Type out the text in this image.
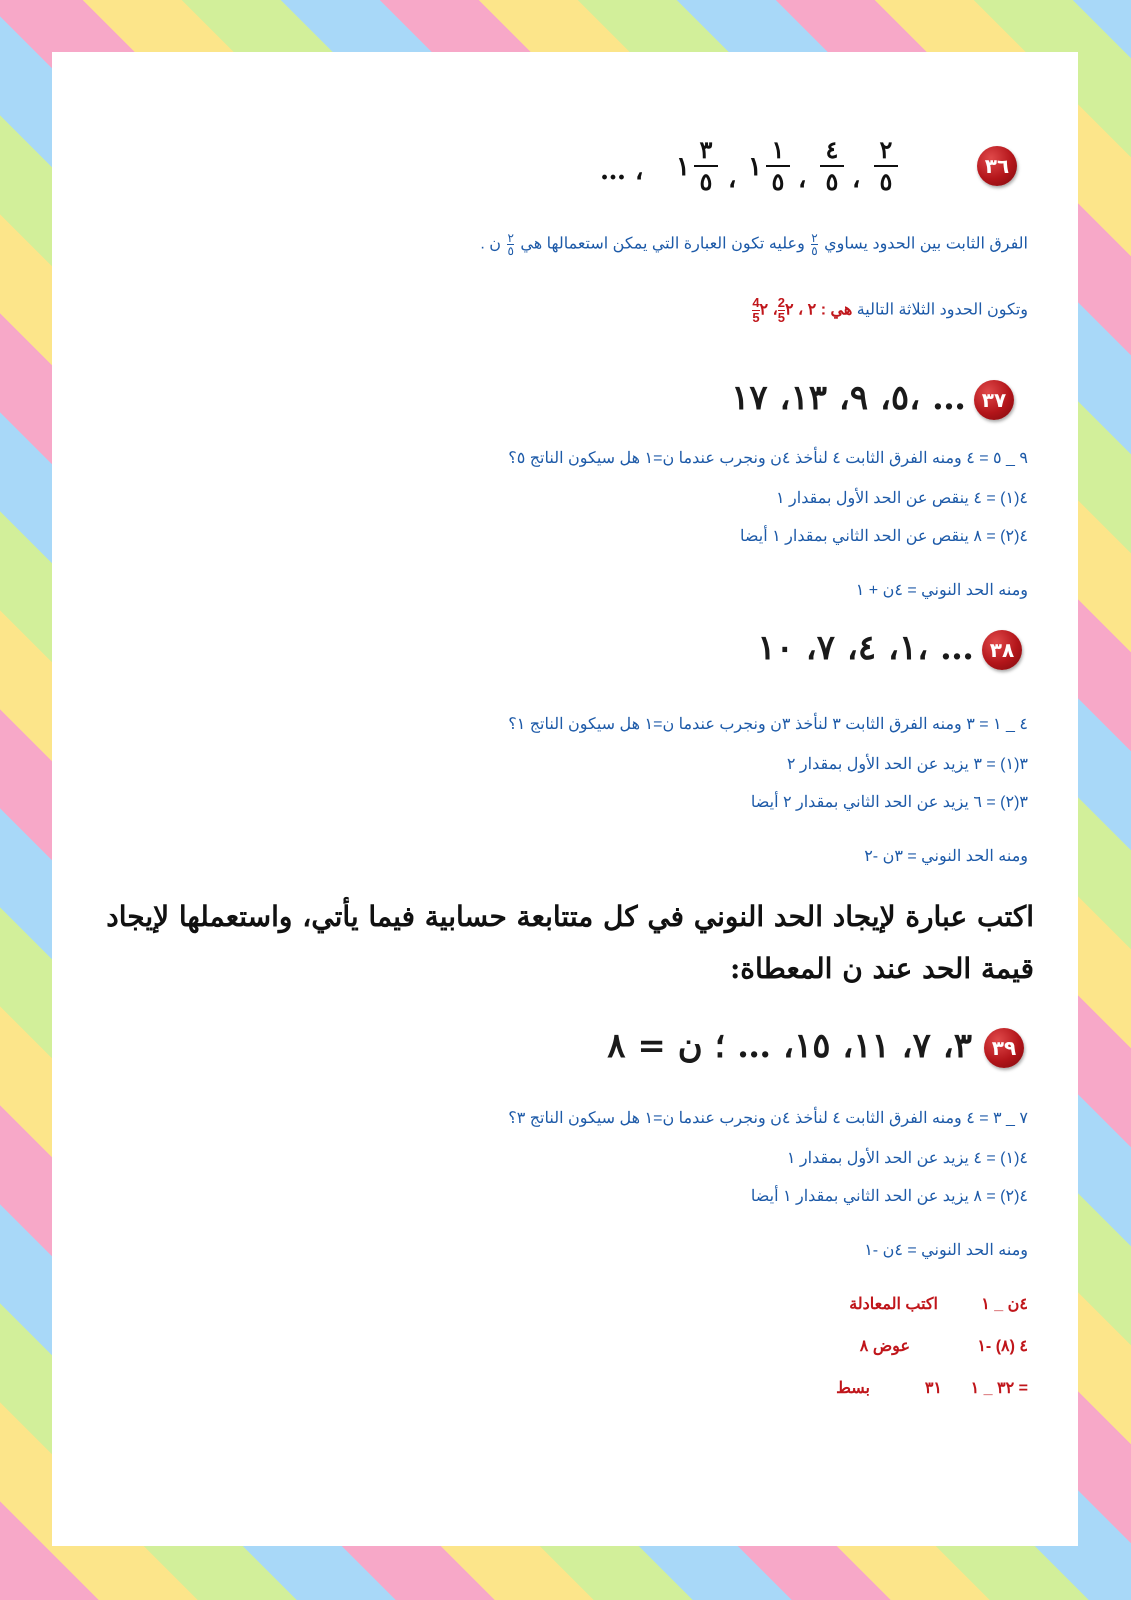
٣٦
٢
٥
،
٤
٥
،
١
٥
١
،
٣
٥
١
… ،
الفرق الثابت بين الحدود يساوي $\frac{٢}{٥}$ وعليه تكون العبارة التي يمكن استعمالها هي $\frac{٢}{٥}$ ن .
وتكون الحدود الثلاثة التالية هي : ٢ ، $٢\frac{2}{5}،$ $٢\frac{4}{5}$
٣٧
٥، ٩، ١٣، ١٧، …
٩ _ ٥ = ٤ ومنه الفرق الثابت ٤ لنأخذ ٤ن ونجرب عندما ن=١ هل سيكون الناتج ٥؟
٤(١) = ٤ ينقص عن الحد الأول بمقدار ١
٤(٢) = ٨ ينقص عن الحد الثاني بمقدار ١ أيضا
ومنه الحد النوني = ٤ن + ١
٣٨
١، ٤، ٧، ١٠، …
٤ _ ١ = ٣ ومنه الفرق الثابت ٣ لنأخذ ٣ن ونجرب عندما ن=١ هل سيكون الناتج ١؟
٣(١) = ٣ يزيد عن الحد الأول بمقدار ٢
٣(٢) = ٦ يزيد عن الحد الثاني بمقدار ٢ أيضا
ومنه الحد النوني = ٣ن -٢
اكتب عبارة لإيجاد الحد النوني في كل متتابعة حسابية فيما يأتي، واستعملها لإيجاد
قيمة الحد عند ن المعطاة:
٣٩
٣، ٧، ١١، ١٥، … ؛ ن = ٨
٧ _ ٣ = ٤ ومنه الفرق الثابت ٤ لنأخذ ٤ن ونجرب عندما ن=١ هل سيكون الناتج ٣؟
٤(١) = ٤ يزيد عن الحد الأول بمقدار ١
٤(٢) = ٨ يزيد عن الحد الثاني بمقدار ١ أيضا
ومنه الحد النوني = ٤ن -١
٤ن _ ١
اكتب المعادلة
٤ (٨) -١
عوض ٨
٣٢ _ ١ =
٣١
بسط
